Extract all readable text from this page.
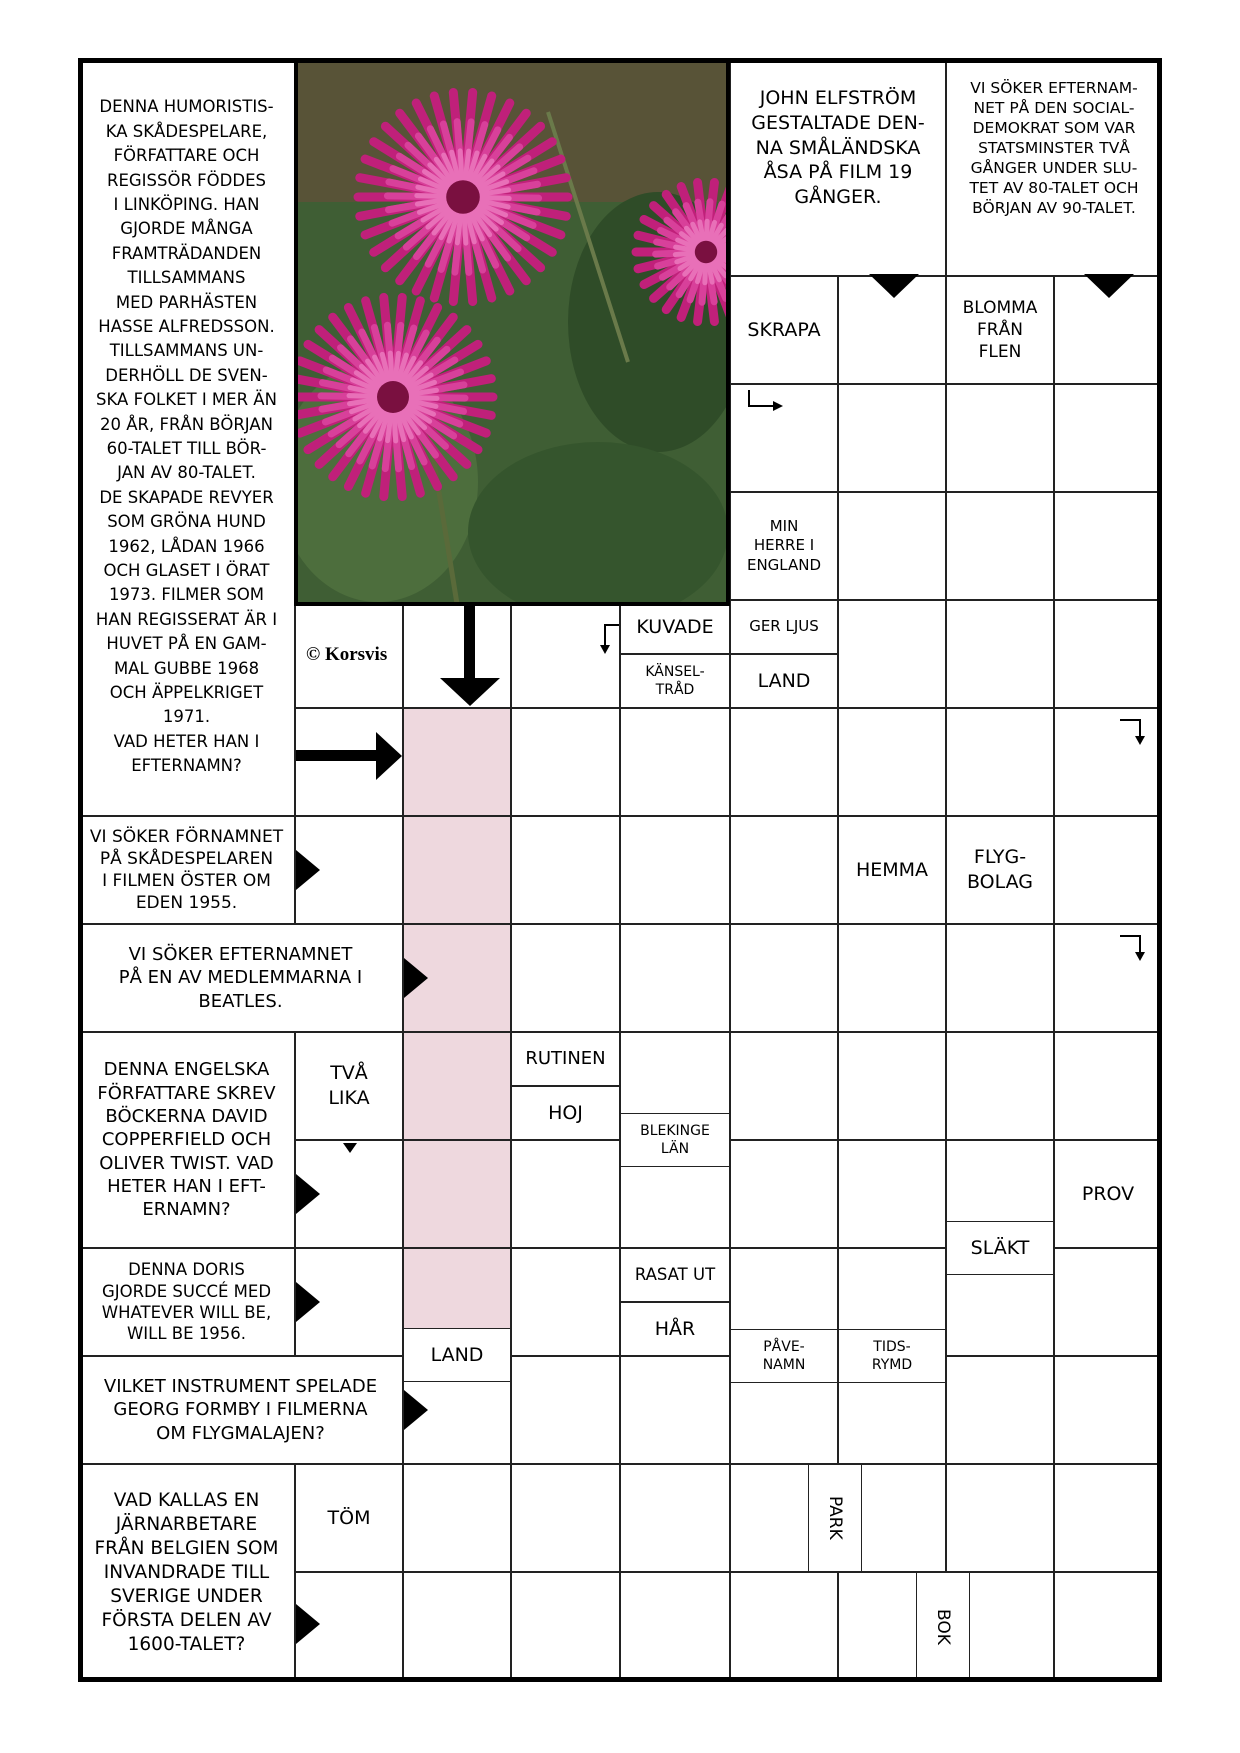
DENNA HUMORISTIS-
KA SKÅDESPELARE,
FÖRFATTARE OCH
REGISSÖR FÖDDES
I LINKÖPING. HAN
GJORDE MÅNGA
FRAMTRÄDANDEN
TILLSAMMANS
MED PARHÄSTEN
HASSE ALFREDSSON.
TILLSAMMANS UN-
DERHÖLL DE SVEN-
SKA FOLKET I MER ÄN
20 ÅR, FRÅN BÖRJAN
60-TALET TILL BÖR-
JAN AV 80-TALET.
DE SKAPADE REVYER
SOM GRÖNA HUND
1962, LÅDAN 1966
OCH GLASET I ÖRAT
1973. FILMER SOM
HAN REGISSERAT ÄR I
HUVET PÅ EN GAM-
MAL GUBBE 1968
OCH ÄPPELKRIGET
1971.
VAD HETER HAN I
EFTERNAMN?
JOHN ELFSTRÖM
GESTALTADE DEN-
NA SMÅLÄNDSKA
ÅSA PÅ FILM 19
GÅNGER.
VI SÖKER EFTERNAM-
NET PÅ DEN SOCIAL-
DEMOKRAT SOM VAR
STATSMINSTER TVÅ
GÅNGER UNDER SLU-
TET AV 80-TALET OCH
BÖRJAN AV 90-TALET.
SKRAPA
BLOMMA
FRÅN
FLEN
MIN
HERRE I
ENGLAND
KUVADE
KÄNSEL-
TRÅD
GER LJUS
LAND
VI SÖKER FÖRNAMNET
PÅ SKÅDESPELAREN
I FILMEN ÖSTER OM
EDEN 1955.
HEMMA
FLYG-
BOLAG
VI SÖKER EFTERNAMNET
PÅ EN AV MEDLEMMARNA I
BEATLES.
DENNA ENGELSKA
FÖRFATTARE SKREV
BÖCKERNA DAVID
COPPERFIELD OCH
OLIVER TWIST. VAD
HETER HAN I EFT-
ERNAMN?
TVÅ
LIKA
RUTINEN
HOJ
BLEKINGE
LÄN
PROV
SLÄKT
DENNA DORIS
GJORDE SUCCÉ MED
WHATEVER WILL BE,
WILL BE 1956.
RASAT UT
HÅR
LAND	PÅVE-
NAMN
TIDS-
RYMD
VILKET INSTRUMENT SPELADE
GEORG FORMBY I FILMERNA
OM FLYGMALAJEN?
VAD KALLAS EN
JÄRNARBETARE
FRÅN BELGIEN SOM
INVANDRADE TILL
SVERIGE UNDER
FÖRSTA DELEN AV
1600-TALET?
TÖM	PARK
BOK
© Korsvis
